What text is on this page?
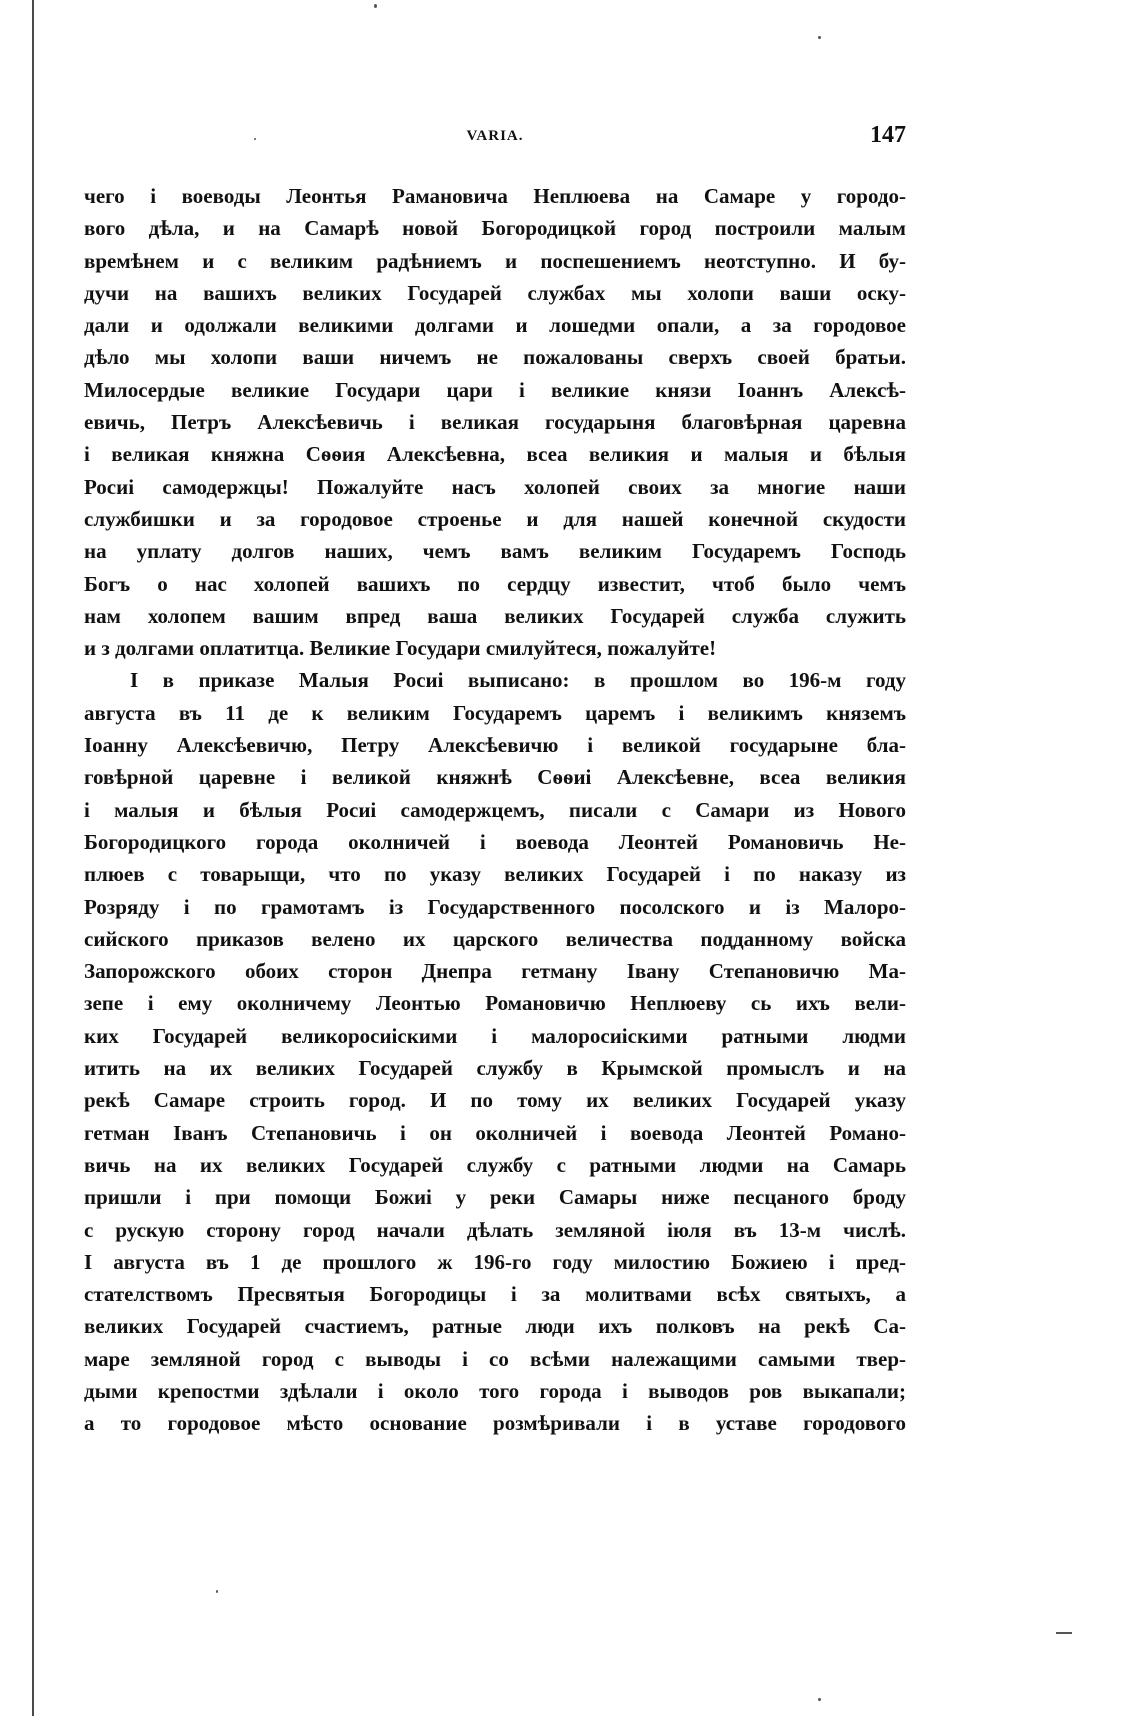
VARIA.	147
чего і воеводы Леонтья Рамановича Неплюева на Самаре у городо-
вого дѣла, и на Самарѣ новой Богородицкой город построили малым
времѣнем и с великим радѣниемъ и поспешениемъ неотступно. И бу-
дучи на вашихъ великих Государей службах мы холопи ваши оску-
дали и одолжали великими долгами и лошедми опали, а за городовое
дѣло мы холопи ваши ничемъ не пожалованы сверхъ своей братьи.
Милосердые великие Государи цари і великие князи Іоаннъ Алексѣ-
евичь, Петръ Алексѣевичь і великая государыня благовѣрная царевна
і великая княжна Сѳѳия Алексѣевна, всеа великия и малыя и бѣлыя
Росиі самодержцы! Пожалуйте насъ холопей своих за многие наши
службишки и за городовое строенье и для нашей конечной скудости
на уплату долгов наших, чемъ вамъ великим Государемъ Господь
Богъ о нас холопей вашихъ по сердцу известит, чтоб было чемъ
нам холопем вашим впред ваша великих Государей служба служить
и з долгами оплатитца. Великие Государи смилуйтеся, пожалуйте!
І в приказе Малыя Росиі выписано: в прошлом во 196-м году
августа въ 11 де к великим Государемъ царемъ і великимъ княземъ
Іоанну Алексѣевичю, Петру Алексѣевичю і великой государыне бла-
говѣрной царевне і великой княжнѣ Сѳѳиі Алексѣевне, всеа великия
і малыя и бѣлыя Росиі самодержцемъ, писали с Самари из Нового
Богородицкого города околничей і воевода Леонтей Романовичь Не-
плюев с товарыщи, что по указу великих Государей і по наказу из
Розряду і по грамотамъ із Государственного посолского и із Малоро-
сийского приказов велено их царского величества подданному войска
Запорожского обоих сторон Днепра гетману Івану Степановичю Ма-
зепе і ему околничему Леонтью Романовичю Неплюеву сь ихъ вели-
ких Государей великоросиіскими і малоросиіскими ратными людми
итить на их великих Государей службу в Крымской промыслъ и на
рекѣ Самаре строить город. И по тому их великих Государей указу
гетман Іванъ Степановичь і он околничей і воевода Леонтей Романо-
вичь на их великих Государей службу с ратными людми на Самарь
пришли і при помощи Божиі у реки Самары ниже песцаного броду
с рускую сторону город начали дѣлать земляной іюля въ 13-м числѣ.
І августа въ 1 де прошлого ж 196-го году милостию Божиею і пред-
стателствомъ Пресвятыя Богородицы і за молитвами всѣх святыхъ, а
великих Государей счастиемъ, ратные люди ихъ полковъ на рекѣ Са-
маре земляной город с выводы і со всѣми належащими самыми твер-
дыми крепостми здѣлали і около того города і выводов ров выкапали;
а то городовое мѣсто основание розмѣривали і в уставе городового
